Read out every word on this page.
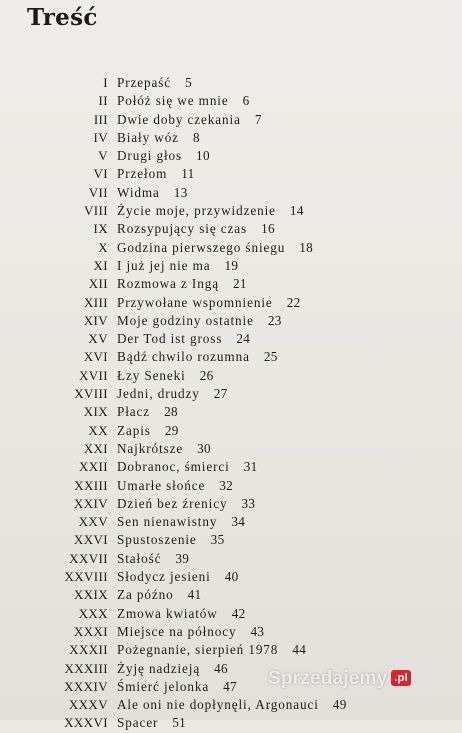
Treść
I Przepaść 5
II Połóż się we mnie 6
III Dwie doby czekania 7
IV Biały wóz 8
V Drugi głos 10
VI Przełom 11
VII Widma 13
VIII Życie moje, przywidzenie 14
IX Rozsypujący się czas 16
X Godzina pierwszego śniegu 18
XI I już jej nie ma 19
XII Rozmowa z Ingą 21
XIII Przywołane wspomnienie 22
XIV Moje godziny ostatnie 23
XV Der Tod ist gross 24
XVI Bądź chwilo rozumna 25
XVII Łzy Seneki 26
XVIII Jedni, drudzy 27
XIX Płacz 28
XX Zapis 29
XXI Najkrótsze 30
XXII Dobranoc, śmierci 31
XXIII Umarłe słońce 32
XXIV Dzień bez źrenicy 33
XXV Sen nienawistny 34
XXVI Spustoszenie 35
XXVII Stałość 39
XXVIII Słodycz jesieni 40
XXIX Za późno 41
XXX Zmowa kwiatów 42
XXXI Miejsce na północy 43
XXXII Pożegnanie, sierpień 1978 44
XXXIII Żyję nadzieją 46
XXXIV Śmierć jelonka 47
XXXV Ale oni nie dopłynęli, Argonauci 49
XXXVI Spacer 51
Sprzedajemy .pl
